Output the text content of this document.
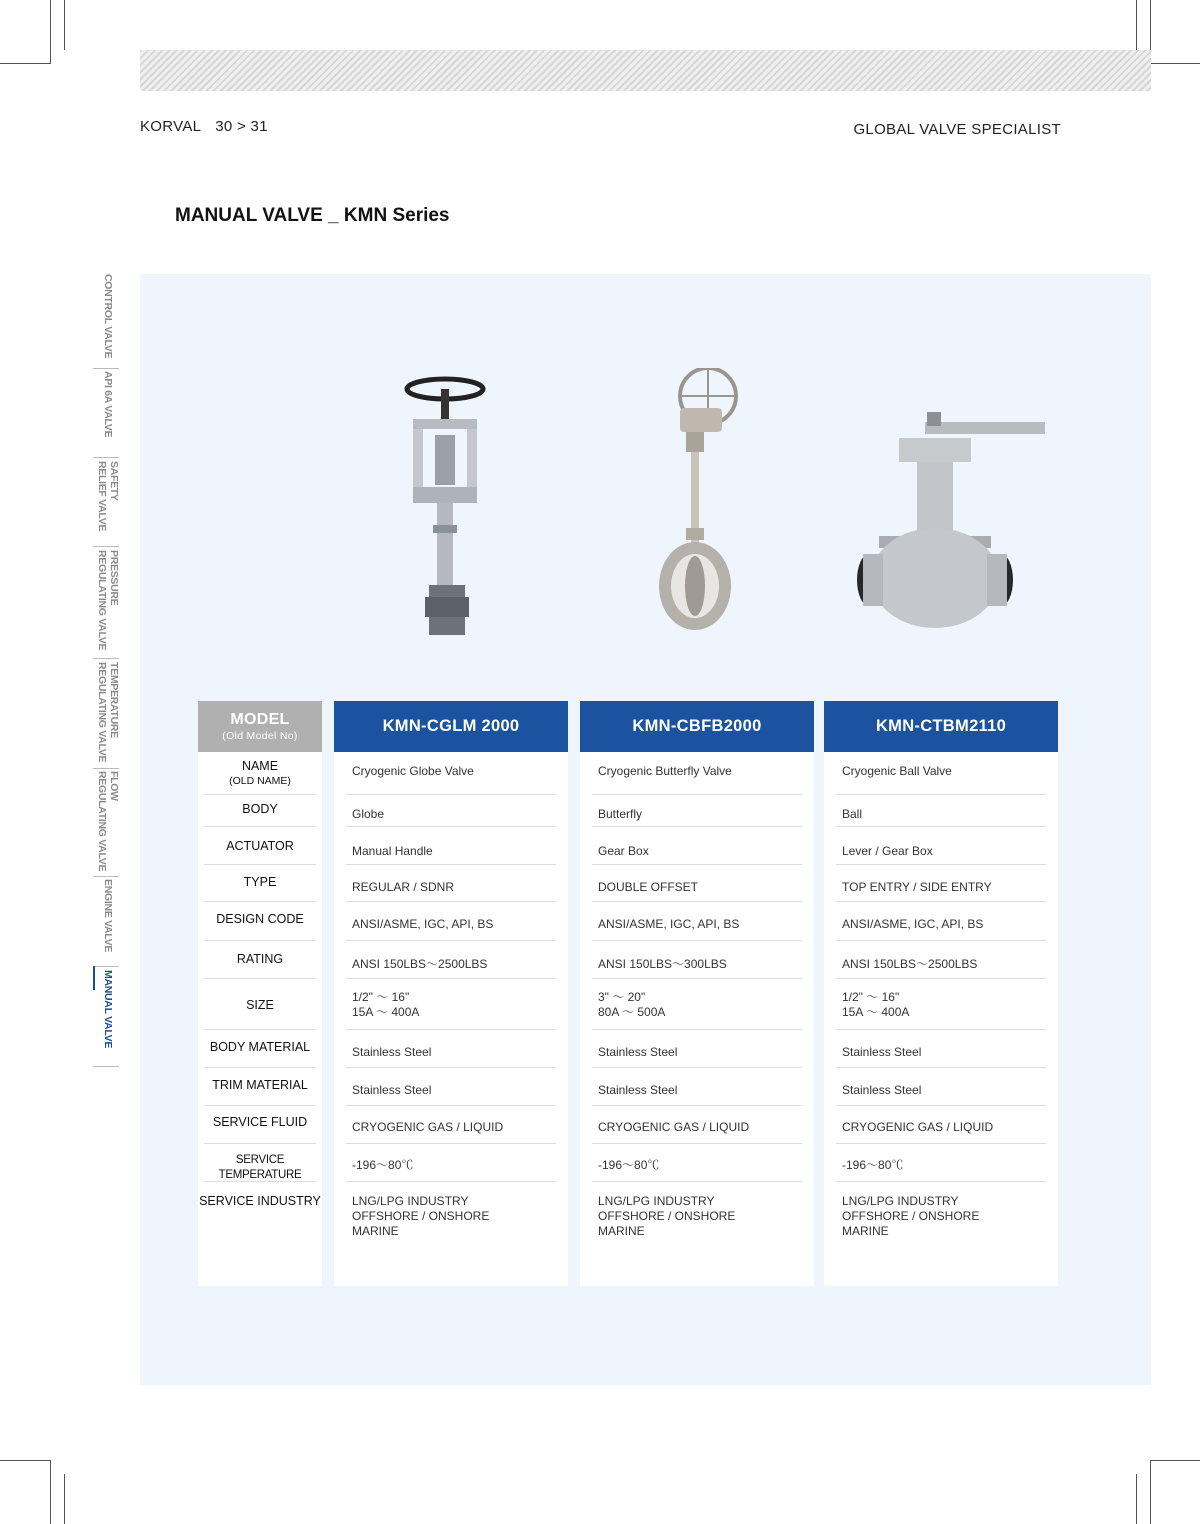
KORVAL 30 > 31	GLOBAL VALVE SPECIALIST
MANUAL VALVE _ KMN Series
CONTROL VALVE
API 6A VALVE
SAFETY
RELIEF VALVE
PRESSURE
REGULATING VALVE
TEMPERATURE
REGULATING VALVE
FLOW
REGULATING VALVE
ENGINE VALVE
MANUAL VALVE
MODEL
(Old Model No)
NAME
(OLD NAME)
BODY
ACTUATOR
TYPE
DESIGN CODE
RATING
SIZE
BODY MATERIAL
TRIM MATERIAL
SERVICE FLUID
SERVICE TEMPERATURE
SERVICE INDUSTRY
KMN-CGLM 2000
Cryogenic Globe Valve
Globe
Manual Handle
REGULAR / SDNR
ANSI/ASME, IGC, API, BS
ANSI 150LBS～2500LBS
1/2" ～ 16"
15A ～ 400A
Stainless Steel
Stainless Steel
CRYOGENIC GAS / LIQUID
-196～80℃
LNG/LPG INDUSTRY
OFFSHORE / ONSHORE
MARINE
KMN-CBFB2000
Cryogenic Butterfly Valve
Butterfly
Gear Box
DOUBLE OFFSET
ANSI/ASME, IGC, API, BS
ANSI 150LBS～300LBS
3" ～ 20"
80A ～ 500A
Stainless Steel
Stainless Steel
CRYOGENIC GAS / LIQUID
-196～80℃
LNG/LPG INDUSTRY
OFFSHORE / ONSHORE
MARINE
KMN-CTBM2110
Cryogenic Ball Valve
Ball
Lever / Gear Box
TOP ENTRY / SIDE ENTRY
ANSI/ASME, IGC, API, BS
ANSI 150LBS～2500LBS
1/2" ～ 16"
15A ～ 400A
Stainless Steel
Stainless Steel
CRYOGENIC GAS / LIQUID
-196～80℃
LNG/LPG INDUSTRY
OFFSHORE / ONSHORE
MARINE
